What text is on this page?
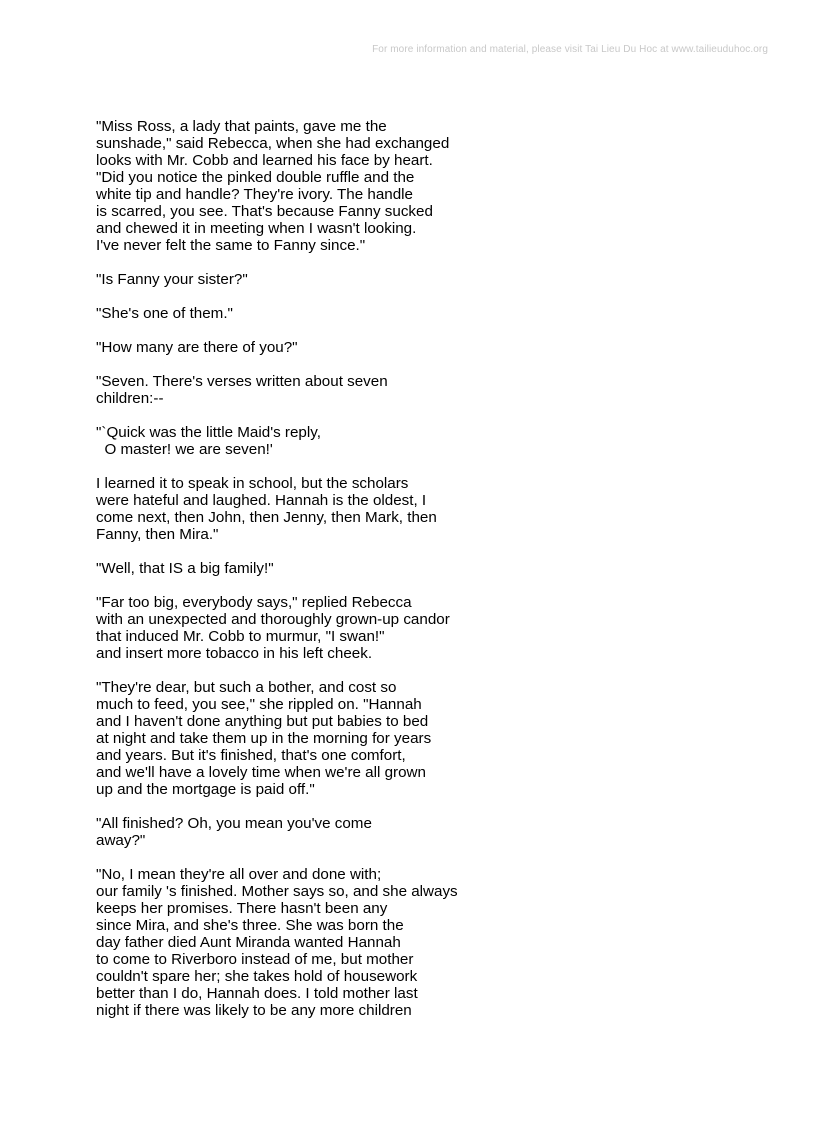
For more information and material, please visit Tai Lieu Du Hoc at www.tailieuduhoc.org

"Miss Ross, a lady that paints, gave me the
sunshade," said Rebecca, when she had exchanged
looks with Mr. Cobb and learned his face by heart.
"Did you notice the pinked double ruffle and the
white tip and handle? They're ivory. The handle
is scarred, you see. That's because Fanny sucked
and chewed it in meeting when I wasn't looking.
I've never felt the same to Fanny since."

"Is Fanny your sister?"

"She's one of them."

"How many are there of you?"

"Seven. There's verses written about seven
children:--

"`Quick was the little Maid's reply,
O master! we are seven!'

I learned it to speak in school, but the scholars
were hateful and laughed. Hannah is the oldest, I
come next, then John, then Jenny, then Mark, then
Fanny, then Mira."

"Well, that IS a big family!"

"Far too big, everybody says," replied Rebecca
with an unexpected and thoroughly grown-up candor
that induced Mr. Cobb to murmur, "I swan!"
and insert more tobacco in his left cheek.

"They're dear, but such a bother, and cost so
much to feed, you see," she rippled on. "Hannah
and I haven't done anything but put babies to bed
at night and take them up in the morning for years
and years. But it's finished, that's one comfort,
and we'll have a lovely time when we're all grown
up and the mortgage is paid off."

"All finished? Oh, you mean you've come
away?"

"No, I mean they're all over and done with;
our family 's finished. Mother says so, and she always
keeps her promises. There hasn't been any
since Mira, and she's three. She was born the
day father died Aunt Miranda wanted Hannah
to come to Riverboro instead of me, but mother
couldn't spare her; she takes hold of housework
better than I do, Hannah does. I told mother last
night if there was likely to be any more children
